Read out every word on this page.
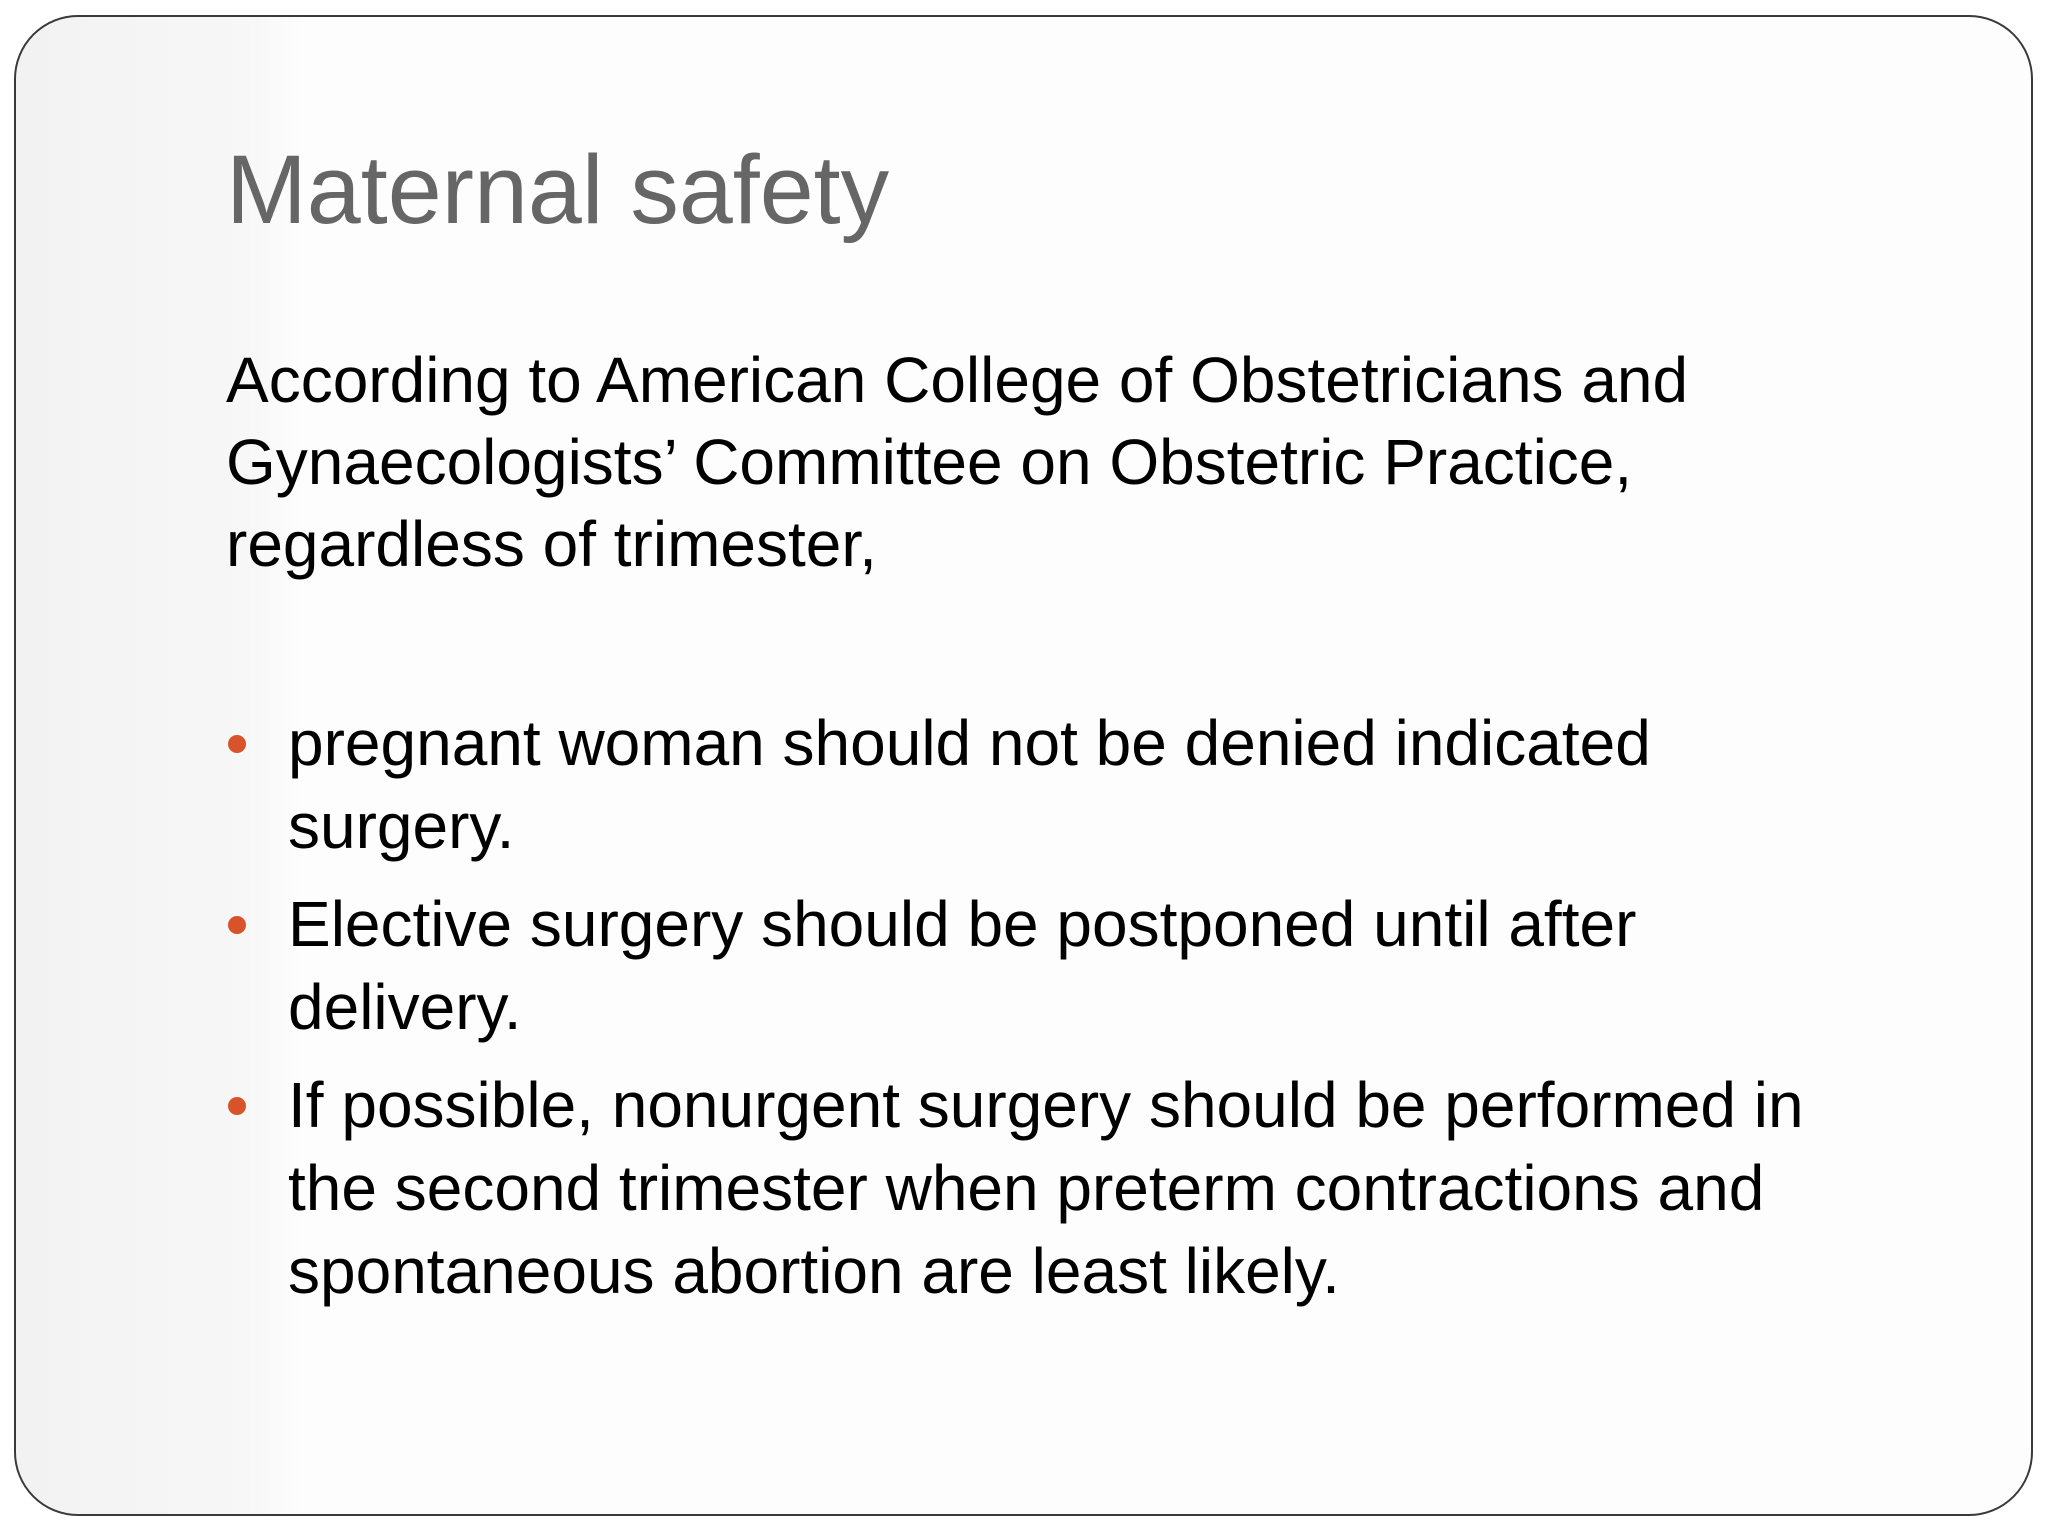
Maternal safety
According to American College of Obstetricians and
Gynaecologists’ Committee on Obstetric Practice,
regardless of trimester,
pregnant woman should not be denied indicated
surgery.
Elective surgery should be postponed until after
delivery.
If possible, nonurgent surgery should be performed in
the second trimester when preterm contractions and
spontaneous abortion are least likely.
